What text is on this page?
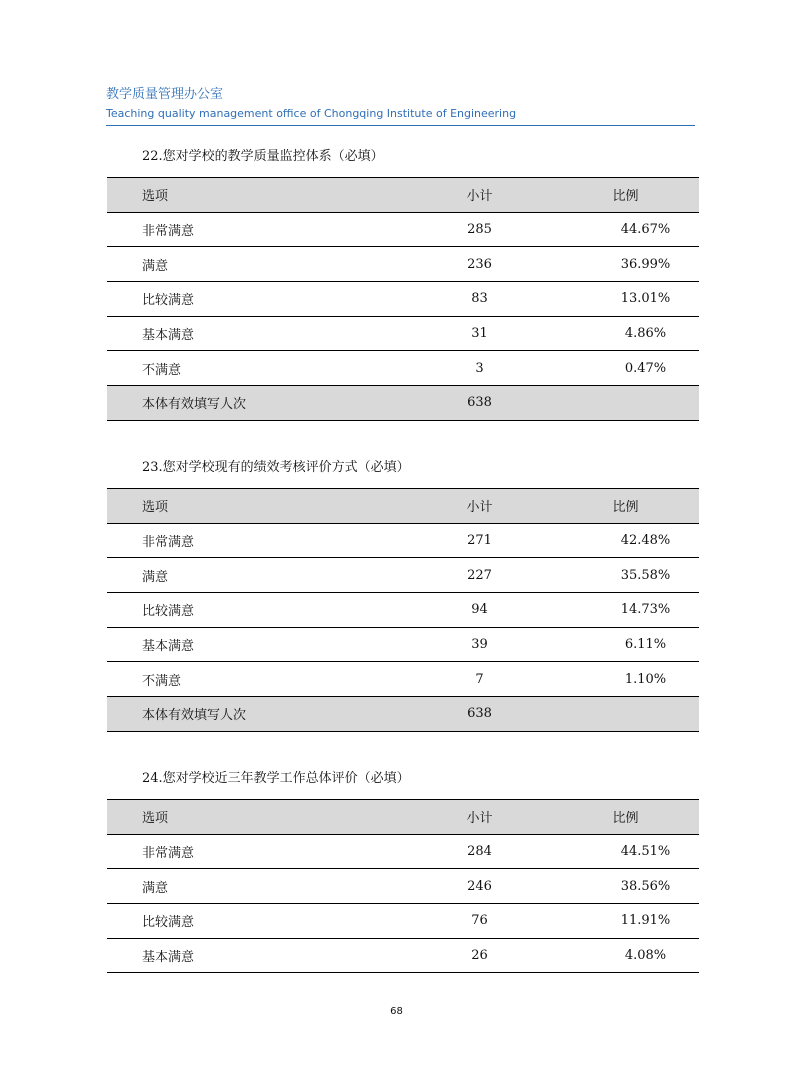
教学质量管理办公室
Teaching quality management office of Chongqing Institute of Engineering
22.您对学校的教学质量监控体系（必填）
选项	小计	比例
非常满意	285	44.67%
满意	236	36.99%
比较满意	83	13.01%
基本满意	31	4.86%
不满意	3	0.47%
本体有效填写人次	638	
23.您对学校现有的绩效考核评价方式（必填）
选项	小计	比例
非常满意	271	42.48%
满意	227	35.58%
比较满意	94	14.73%
基本满意	39	6.11%
不满意	7	1.10%
本体有效填写人次	638	
24.您对学校近三年教学工作总体评价（必填）
选项	小计	比例
非常满意	284	44.51%
满意	246	38.56%
比较满意	76	11.91%
基本满意	26	4.08%
68
